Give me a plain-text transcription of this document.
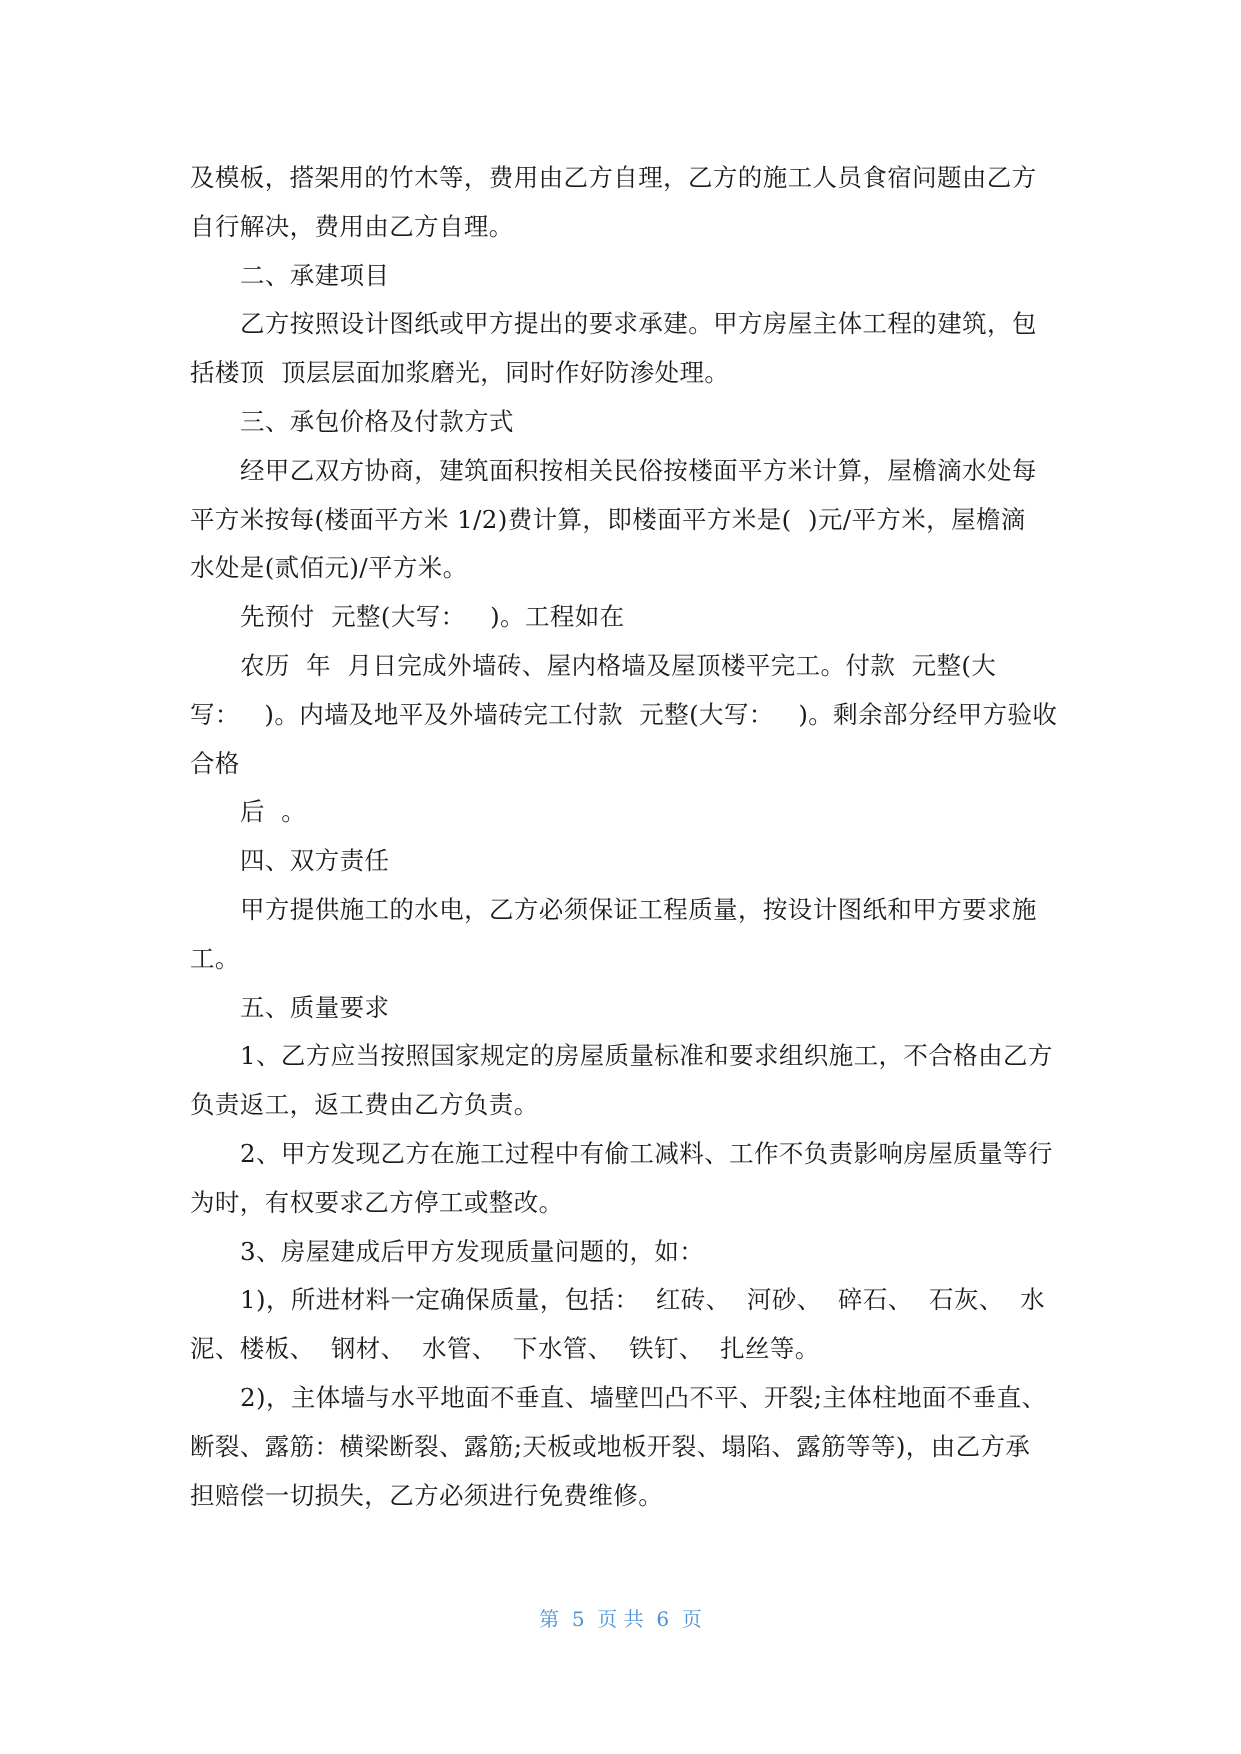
及模板，搭架用的竹木等，费用由乙方自理，乙方的施工人员食宿问题由乙方
自行解决，费用由乙方自理。
二、承建项目
乙方按照设计图纸或甲方提出的要求承建。甲方房屋主体工程的建筑，包
括楼顶  顶层层面加浆磨光，同时作好防渗处理。
三、承包价格及付款方式
经甲乙双方协商，建筑面积按相关民俗按楼面平方米计算，屋檐滴水处每
平方米按每(楼面平方米 1/2)费计算，即楼面平方米是(  )元/平方米，屋檐滴
水处是(贰佰元)/平方米。
先预付  元整(大写：   )。工程如在
农历  年  月日完成外墙砖、屋内格墙及屋顶楼平完工。付款  元整(大
写：   )。内墙及地平及外墙砖完工付款  元整(大写：   )。剩余部分经甲方验收
合格
后  。
四、双方责任
甲方提供施工的水电，乙方必须保证工程质量，按设计图纸和甲方要求施
工。
五、质量要求
1、乙方应当按照国家规定的房屋质量标准和要求组织施工，不合格由乙方
负责返工，返工费由乙方负责。
2、甲方发现乙方在施工过程中有偷工减料、工作不负责影响房屋质量等行
为时，有权要求乙方停工或整改。
3、房屋建成后甲方发现质量问题的，如：
1)，所进材料一定确保质量，包括：  红砖、  河砂、  碎石、  石灰、  水
泥、楼板、  钢材、  水管、  下水管、  铁钉、  扎丝等。
2)，主体墙与水平地面不垂直、墙壁凹凸不平、开裂;主体柱地面不垂直、
断裂、露筋：横梁断裂、露筋;天板或地板开裂、塌陷、露筋等等)，由乙方承
担赔偿一切损失，乙方必须进行免费维修。
第  5  页 共  6  页
